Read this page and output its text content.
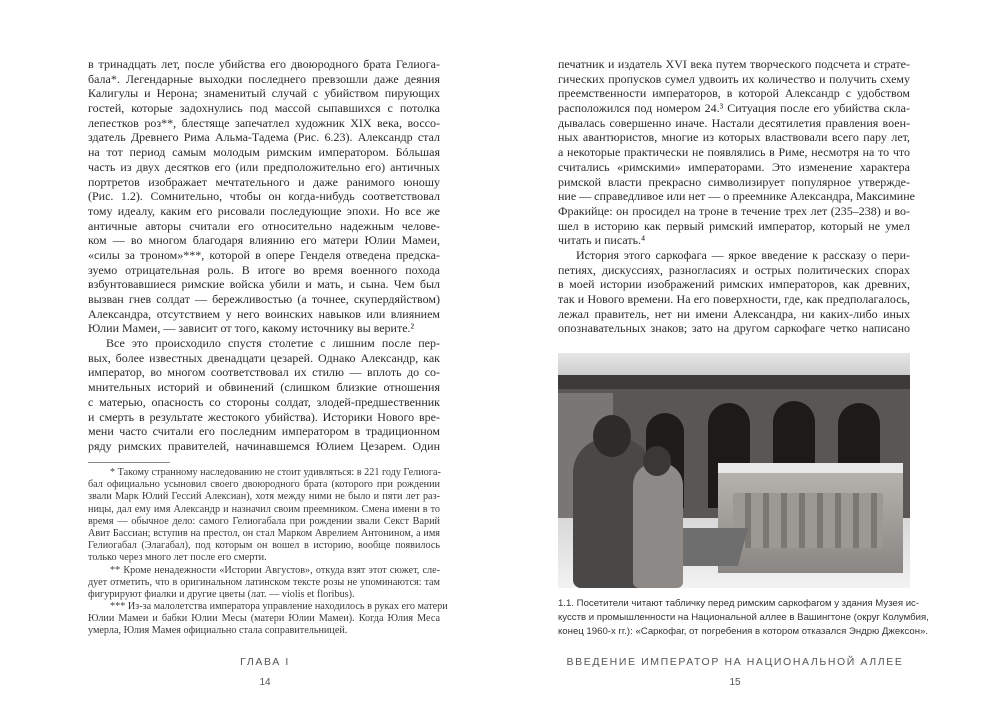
в тринадцать лет, после убийства его двоюродного брата Гелиога-
бала*. Легендарные выходки последнего превзошли даже деяния
Калигулы и Нерона; знаменитый случай с убийством пирующих
гостей, которые задохнулись под массой сыпавшихся с потолка
лепестков роз**, блестяще запечатлел художник XIX века, воссо-
здатель Древнего Рима Альма-Тадема (Рис. 6.23). Александр стал
на тот период самым молодым римским императором. Бóльшая
часть из двух десятков его (или предположительно его) античных
портретов изображает мечтательного и даже ранимого юношу
(Рис. 1.2). Сомнительно, чтобы он когда-нибудь соответствовал
тому идеалу, каким его рисовали последующие эпохи. Но все же
античные авторы считали его относительно надежным челове-
ком — во многом благодаря влиянию его матери Юлии Мамеи,
«силы за троном»***, которой в опере Генделя отведена предска-
зуемо отрицательная роль. В итоге во время военного похода
взбунтовавшиеся римские войска убили и мать, и сына. Чем был
вызван гнев солдат — бережливостью (а точнее, скупердяйством)
Александра, отсутствием у него воинских навыков или влиянием
Юлии Мамеи, — зависит от того, какому источнику вы верите.²
Все это происходило спустя столетие с лишним после пер-
вых, более известных двенадцати цезарей. Однако Александр, как
император, во многом соответствовал их стилю — вплоть до со-
мнительных историй и обвинений (слишком близкие отношения
с матерью, опасность со стороны солдат, злодей-предшественник
и смерть в результате жестокого убийства). Историки Нового вре-
мени часто считали его последним императором в традиционном
ряду римских правителей, начинавшемся Юлием Цезарем. Один
* Такому странному наследованию не стоит удивляться: в 221 году Гелиога-
бал официально усыновил своего двоюродного брата (которого при рождении
звали Марк Юлий Гессий Алексиан), хотя между ними не было и пяти лет раз-
ницы, дал ему имя Александр и назначил своим преемником. Смена имени в то
время — обычное дело: самого Гелиогабала при рождении звали Секст Варий
Авит Бассиан; вступив на престол, он стал Марком Аврелием Антонином, а имя
Гелиогабал (Элагабал), под которым он вошел в историю, вообще появилось
только через много лет после его смерти.
** Кроме ненадежности «Истории Августов», откуда взят этот сюжет, сле-
дует отметить, что в оригинальном латинском тексте розы не упоминаются: там
фигурируют фиалки и другие цветы (лат. — violis et floribus).
*** Из-за малолетства императора управление находилось в руках его матери
Юлии Мамеи и бабки Юлии Месы (матери Юлии Мамеи). Когда Юлия Меса
умерла, Юлия Мамея официально стала соправительницей.
ГЛАВА I
14
печатник и издатель XVI века путем творческого подсчета и страте-
гических пропусков сумел удвоить их количество и получить схему
преемственности императоров, в которой Александр с удобством
расположился под номером 24.³ Ситуация после его убийства скла-
дывалась совершенно иначе. Настали десятилетия правления воен-
ных авантюристов, многие из которых властвовали всего пару лет,
а некоторые практически не появлялись в Риме, несмотря на то что
считались «римскими» императорами. Это изменение характера
римской власти прекрасно символизирует популярное утвержде-
ние — справедливое или нет — о преемнике Александра, Максимине
Фракийце: он просидел на троне в течение трех лет (235–238) и во-
шел в историю как первый римский император, который не умел
читать и писать.⁴
История этого саркофага — яркое введение к рассказу о пери-
петиях, дискуссиях, разногласиях и острых политических спорах
в моей истории изображений римских императоров, как древних,
так и Нового времени. На его поверхности, где, как предполагалось,
лежал правитель, нет ни имени Александра, ни каких-либо иных
опознавательных знаков; зато на другом саркофаге четко написано
1.1. Посетители читают табличку перед римским саркофагом у здания Музея ис-
кусств и промышленности на Национальной аллее в Вашингтоне (округ Колумбия,
конец 1960-х гг.): «Саркофаг, от погребения в котором отказался Эндрю Джексон».
ВВЕДЕНИЕ ИМПЕРАТОР НА НАЦИОНАЛЬНОЙ АЛЛЕЕ
15
